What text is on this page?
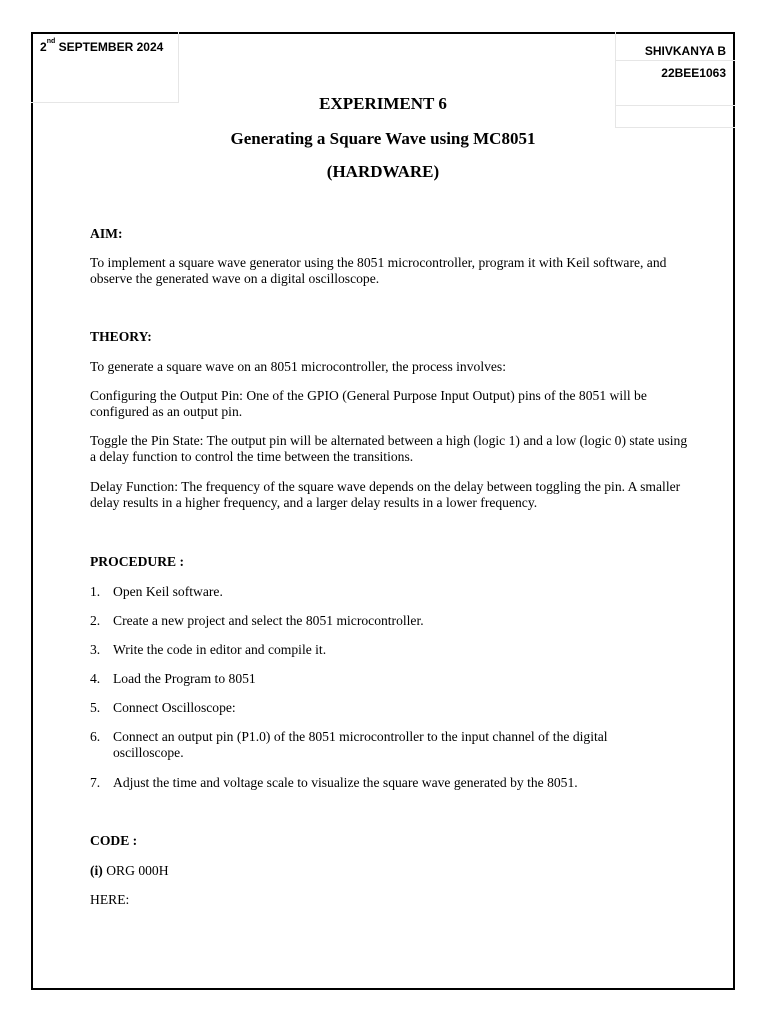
2nd SEPTEMBER 2024	SHIVKANYA B
22BEE1063
EXPERIMENT 6
Generating a Square Wave using MC8051
(HARDWARE)
AIM:
To implement a square wave generator using the 8051 microcontroller, program it with Keil software, and observe the generated wave on a digital oscilloscope.
THEORY:
To generate a square wave on an 8051 microcontroller, the process involves:
Configuring the Output Pin: One of the GPIO (General Purpose Input Output) pins of the 8051 will be configured as an output pin.
Toggle the Pin State: The output pin will be alternated between a high (logic 1) and a low (logic 0) state using a delay function to control the time between the transitions.
Delay Function: The frequency of the square wave depends on the delay between toggling the pin. A smaller delay results in a higher frequency, and a larger delay results in a lower frequency.
PROCEDURE :
1. Open Keil software.
2. Create a new project and select the 8051 microcontroller.
3. Write the code in editor and compile it.
4. Load the Program to 8051
5. Connect Oscilloscope:
6. Connect an output pin (P1.0) of the 8051 microcontroller to the input channel of the digital oscilloscope.
7. Adjust the time and voltage scale to visualize the square wave generated by the 8051.
CODE :
(i) ORG 000H
HERE:
